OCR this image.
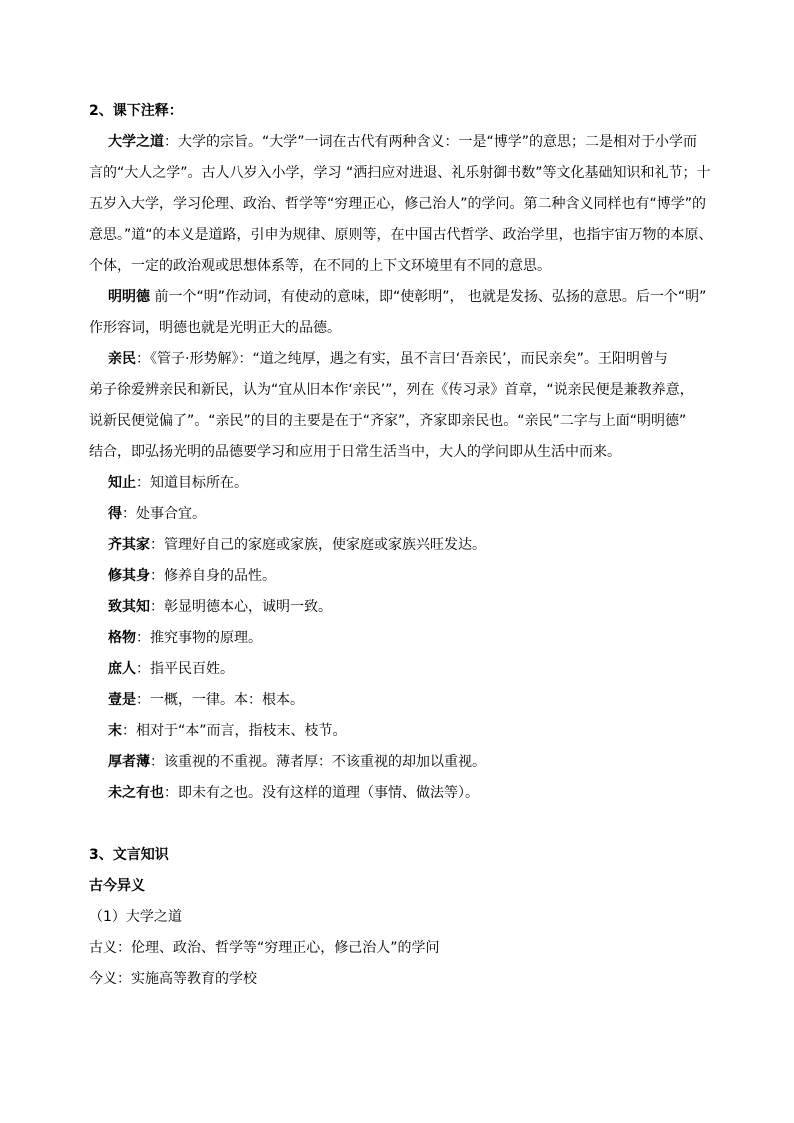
2、课下注释：
大学之道：大学的宗旨。“大学”一词在古代有两种含义：一是“博学”的意思；二是相对于小学而
言的“大人之学”。古人八岁入小学，学习 “洒扫应对进退、礼乐射御书数”等文化基础知识和礼节；十
五岁入大学，学习伦理、政治、哲学等“穷理正心，修己治人”的学问。第二种含义同样也有“博学”的
意思。”道“的本义是道路，引申为规律、原则等，在中国古代哲学、政治学里，也指宇宙万物的本原、
个体，一定的政治观或思想体系等，在不同的上下文环境里有不同的意思。
明明德 前一个“明”作动词，有使动的意味，即“使彰明”， 也就是发扬、弘扬的意思。后一个“明”
作形容词，明德也就是光明正大的品德。
亲民：《管子·形势解》：“道之纯厚，遇之有实，虽不言曰‘吾亲民’，而民亲矣”。王阳明曾与
弟子徐爱辨亲民和新民，认为“宜从旧本作‘亲民’”，列在《传习录》首章，“说亲民便是兼教养意，
说新民便觉偏了”。“亲民”的目的主要是在于“齐家”，齐家即亲民也。“亲民”二字与上面“明明德”
结合，即弘扬光明的品德要学习和应用于日常生活当中，大人的学问即从生活中而来。
知止：知道目标所在。
得：处事合宜。
齐其家：管理好自己的家庭或家族，使家庭或家族兴旺发达。
修其身：修养自身的品性。
致其知：彰显明德本心，诚明一致。
格物：推究事物的原理。
庶人：指平民百姓。
壹是：一概，一律。本：根本。
末：相对于“本”而言，指枝末、枝节。
厚者薄：该重视的不重视。薄者厚：不该重视的却加以重视。
未之有也：即未有之也。没有这样的道理（事情、做法等）。
3、文言知识
古今异义
（1）大学之道
古义：伦理、政治、哲学等“穷理正心，修己治人”的学问
今义：实施高等教育的学校
